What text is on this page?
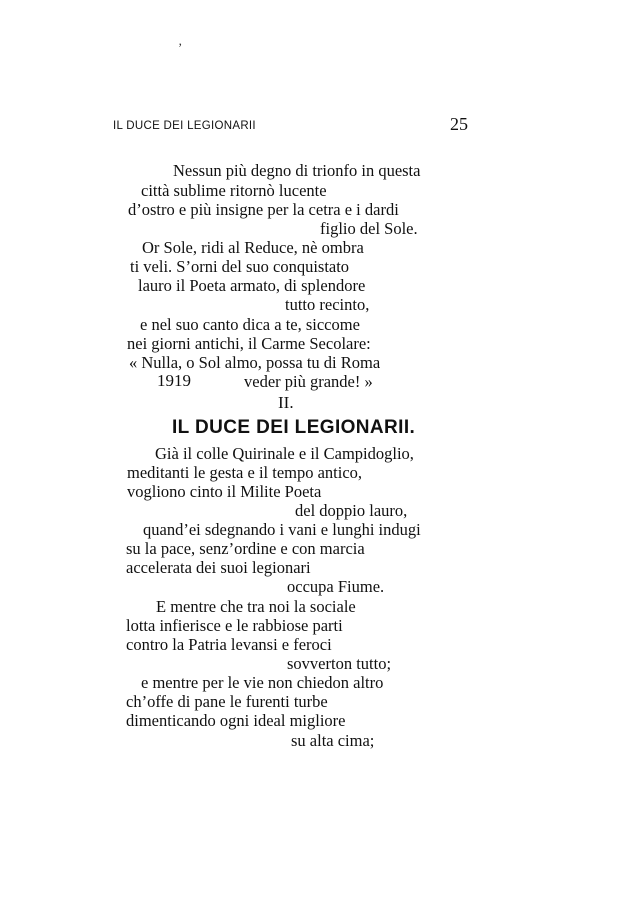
ʼ
IL DUCE DEI LEGIONARII	25
Nessun più degno di trionfo in questa
città sublime ritornò lucente
d’ostro e più insigne per la cetra e i dardi
figlio del Sole.
Or Sole, ridi al Reduce, nè ombra
ti veli. S’orni del suo conquistato
lauro il Poeta armato, di splendore
tutto recinto,
e nel suo canto dica a te, siccome
nei giorni antichi, il Carme Secolare:
« Nulla, o Sol almo, possa tu di Roma
veder più grande! »
1919
II.
IL DUCE DEI LEGIONARII.
Già il colle Quirinale e il Campidoglio,
meditanti le gesta e il tempo antico,
vogliono cinto il Milite Poeta
del doppio lauro,
quand’ei sdegnando i vani e lunghi indugi
su la pace, senz’ordine e con marcia
accelerata dei suoi legionari
occupa Fiume.
E mentre che tra noi la sociale
lotta infierisce e le rabbiose parti
contro la Patria levansi e feroci
sovverton tutto;
e mentre per le vie non chiedon altro
ch’offe di pane le furenti turbe
dimenticando ogni ideal migliore
su alta cima;
